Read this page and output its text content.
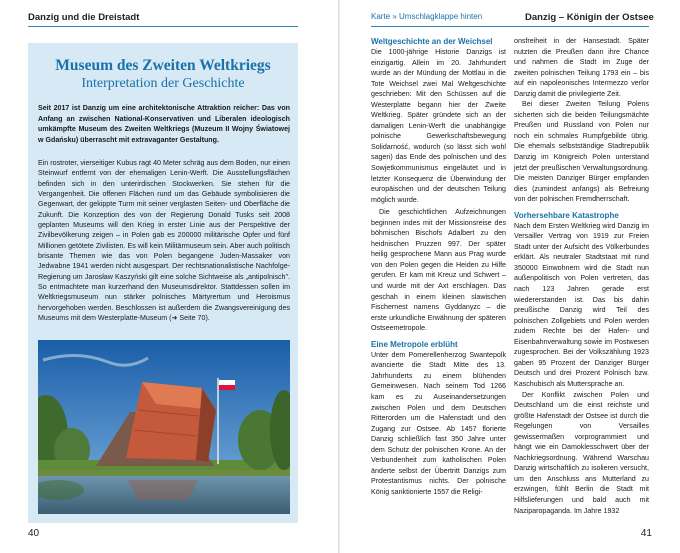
Danzig und die Dreistadt
Museum des Zweiten Weltkriegs
Interpretation der Geschichte
Seit 2017 ist Danzig um eine architektonische Attraktion reicher: Das von Anfang an zwischen National-Konservativen und Liberalen ideologisch umkämpfte Museum des Zweiten Weltkriegs (Muzeum II Wojny Światowej w Gdańsku) überrascht mit extravaganter Gestaltung.
Ein rostroter, vierseitiger Kubus ragt 40 Meter schräg aus dem Boden, nur einen Steinwurf entfernt von der ehemaligen Lenin-Werft. Die Ausstellungsflächen befinden sich in den unterirdischen Stockwerken. Sie stehen für die Vergangenheit. Die offenen Flächen rund um das Gebäude symbolisieren die Gegenwart, der gekippte Turm mit seiner verglasten Seiten- und Oberfläche die Zukunft. Die Konzeption des von der Regierung Donald Tusks seit 2008 geplanten Museums will den Krieg in erster Linie aus der Perspektive der Zivilbevölkerung zeigen – in Polen gab es 200000 militärische Opfer und fünf Millionen getötete Zivilisten. Es will kein Militärmuseum sein. Aber auch politisch brisante Themen wie das von Polen begangene Juden-Massaker von Jedwabne 1941 werden nicht ausgespart. Der rechtsnationalistische Nachfolge-Regierung um Jarosław Kaszyński gilt eine solche Sichtweise als „antipolnisch". So entmachtete man kurzerhand den Museumsdirektor. Stattdessen sollen im Weltkriegsmuseum nun stärker polnisches Märtyrertum und Heroismus hervorgehoben werden. Beschlossen ist außerdem die Zwangsvereinigung des Museums mit dem Westerplatte-Museum (➜ Seite 70).
40
Karte » Umschlagklappe hinten	Danzig – Königin der Ostsee

Weltgeschichte an der Weichsel

Die 1000-jährige Historie Danzigs ist einzigartig. Allein im 20. Jahrhundert wurde an der Mündung der Mottlau in die Tote Weichsel zwei Mal Weltgeschichte geschrieben: Mit den Schüssen auf die Westerplatte begann hier der Zweite Weltkrieg. Später gründete sich an der damaligen Lenin-Werft die unabhängige polnische Gewerkschaftsbewegung Solidarność, wodurch (so lässt sich wohl sagen) das Ende des polnischen und des Sowjetkommunismus eingeläutet und in letzter Konsequenz die Überwindung der europäischen und der deutschen Teilung möglich wurde.

Die geschichtlichen Aufzeichnungen beginnen indes mit der Missionsreise des böhmischen Bischofs Adalbert zu den heidnischen Pruzzen 997. Der später heilig gesprochene Mann aus Prag wurde von den Polen gegen die Heiden zu Hilfe gerufen. Er kam mit Kreuz und Schwert – und wurde mit der Axt erschlagen. Das geschah in einem kleinen slawischen Fischernest namens Gyddanyzc – die erste urkundliche Erwähnung der späteren Ostseemetropole.

Eine Metropole erblüht

Unter dem Pomerellenherzog Swantepolk avancierte die Stadt Mitte des 13. Jahrhunderts zu einem blühenden Gemeinwesen. Nach seinem Tod 1266 kam es zu Auseinandersetzungen zwischen Polen und dem Deutschen Ritterorden um die Hafenstadt und den Zugang zur Ostsee. Ab 1457 florierte Danzig schließlich fast 350 Jahre unter dem Schutz der polnischen Krone. An der Verbundenheit zum katholischen Polen änderte selbst der Übertritt Danzigs zum Protestantismus nichts. Der polnische König sanktionierte 1557 die Religi-

onsfreiheit in der Hansestadt. Später nutzten die Preußen dann ihre Chance und nahmen die Stadt im Zuge der zweiten polnischen Teilung 1793 ein – bis auf ein napoleonisches Intermezzo verlor Danzig damit die privilegierte Zeit.

Bei dieser Zweiten Teilung Polens sicherten sich die beiden Teilungsmächte Preußen und Russland von Polen nur noch ein schmales Rumpfgebilde übrig. Die ehemals selbstständige Stadtrepublik Danzig im Königreich Polen unterstand jetzt der preußischen Verwaltungsordnung. Die meisten Danziger Bürger empfanden dies (zumindest anfangs) als Befreiung von der polnischen Fremdherrschaft.

Vorhersehbare Katastrophe

Nach dem Ersten Weltkrieg wird Danzig im Versailler Vertrag von 1919 zur Freien Stadt unter der Aufsicht des Völkerbundes erklärt. Als neutraler Stadtstaat mit rund 350000 Einwohnern wird die Stadt nun außenpolitisch von Polen vertreten, das nach 123 Jahren gerade erst wiedererstanden ist. Das bis dahin preußische Danzig wird Teil des polnischen Zollgebiets und Polen werden zudem Rechte bei der Hafen- und Eisenbahnverwaltung sowie im Postwesen zugesprochen. Bei der Volkszählung 1923 gaben 95 Prozent der Danziger Bürger Deutsch und drei Prozent Polnisch bzw. Kaschubisch als Muttersprache an.

Der Konflikt zwischen Polen und Deutschland um die einst reichste und größte Hafenstadt der Ostsee ist durch die Regelungen von Versailles gewissermaßen vorprogrammiert und hängt wie ein Damoklesschwert über der Nachkriegsordnung. Während Warschau Danzig wirtschaftlich zu isolieren versucht, um den Anschluss ans Mutterland zu erzwingen, fühlt Berlin die Stadt mit Hilfslieferungen und bald auch mit Naziparopaganda. Im Jahre 1932

41
